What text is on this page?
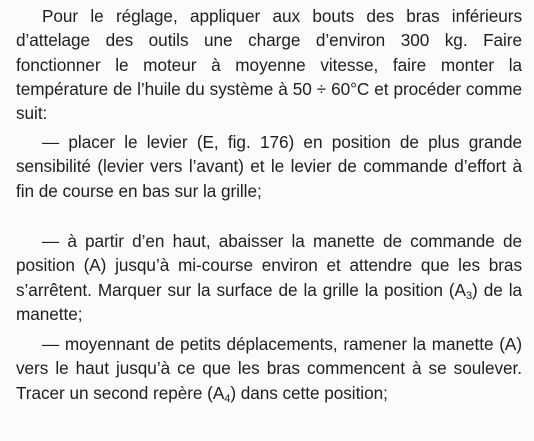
Pour le réglage, appliquer aux bouts des bras inférieurs d’attelage des outils une charge d’environ 300 kg. Faire fonctionner le moteur à moyenne vitesse, faire monter la température de l’huile du système à 50 ÷ 60°C et procéder comme suit:

— placer le levier (E, fig. 176) en position de plus grande sensibilité (levier vers l’avant) et le levier de commande d’effort à fin de course en bas sur la grille;

— à partir d’en haut, abaisser la manette de commande de position (A) jusqu’à mi-course environ et attendre que les bras s’arrêtent. Marquer sur la surface de la grille la position $(A_3)$ de la manette;

— moyennant de petits déplacements, ramener la manette (A) vers le haut jusqu’à ce que les bras commencent à se soulever. Tracer un second repère $(A_4)$ dans cette position;
